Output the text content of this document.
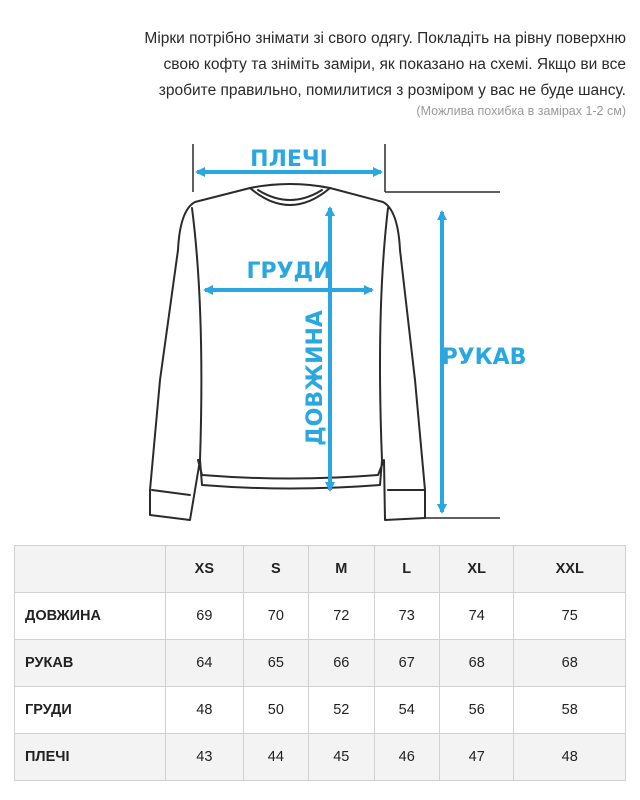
Мірки потрібно знімати зі свого одягу. Покладіть на рівну поверхню
свою кофту та зніміть заміри, як показано на схемі. Якщо ви все
зробите правильно, помилитися з розміром у вас не буде шансу.
(Можлива похибка в замірах 1-2 см)
ПЛЕЧІ
ГРУДИ
ДОВЖИНА	РУКАВ
	XS	S	M	L	XL	XXL
ДОВЖИНА	69	70	72	73	74	75
РУКАВ	64	65	66	67	68	68
ГРУДИ	48	50	52	54	56	58
ПЛЕЧІ	43	44	45	46	47	48
